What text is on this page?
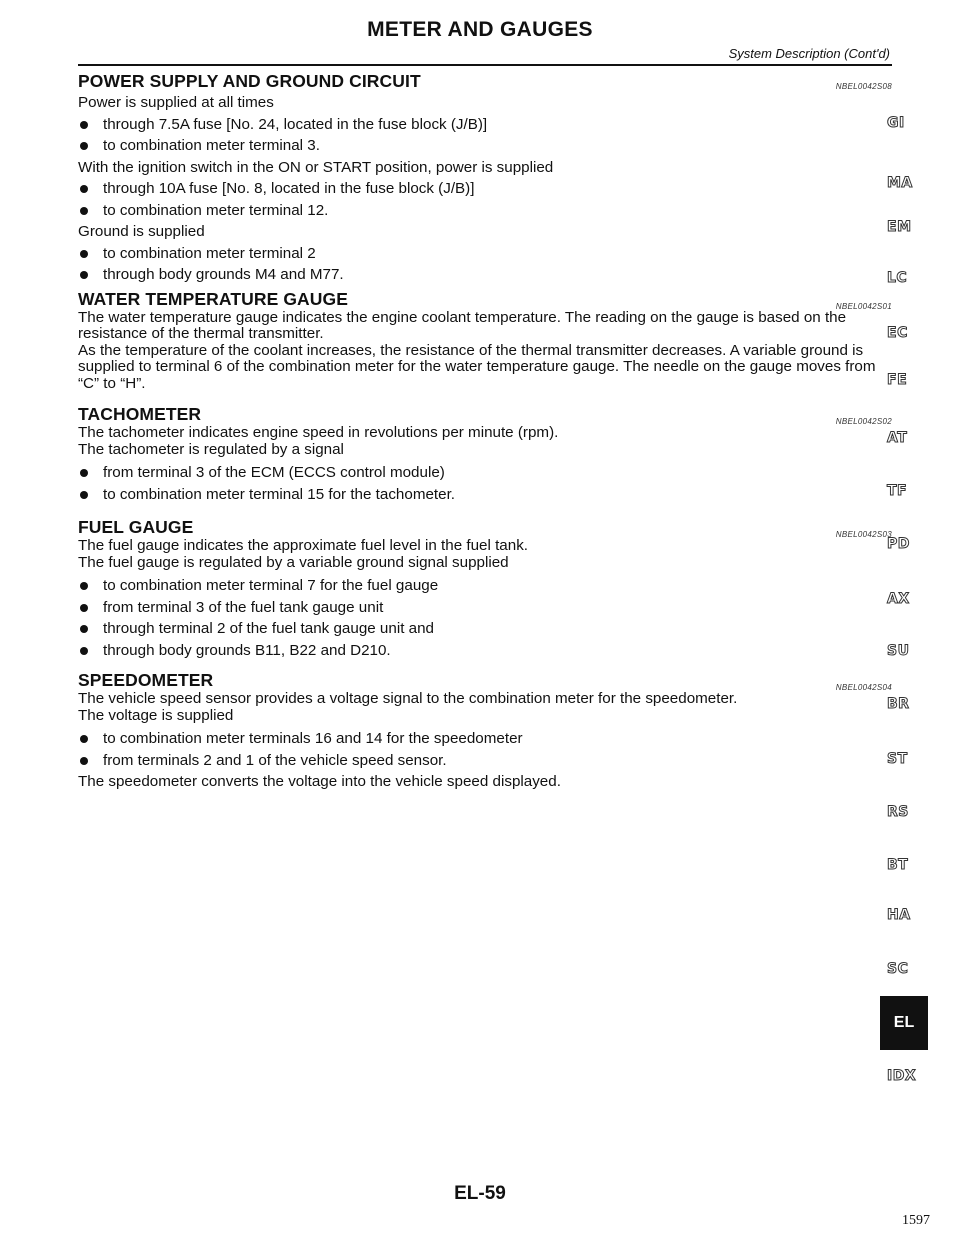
METER AND GAUGES
System Description (Cont'd)
NBEL0042S08
POWER SUPPLY AND GROUND CIRCUIT
Power is supplied at all times
through 7.5A fuse [No. 24, located in the fuse block (J/B)]
to combination meter terminal 3.
With the ignition switch in the ON or START position, power is supplied
through 10A fuse [No. 8, located in the fuse block (J/B)]
to combination meter terminal 12.
Ground is supplied
to combination meter terminal 2
through body grounds M4 and M77.
NBEL0042S01
WATER TEMPERATURE GAUGE

The water temperature gauge indicates the engine coolant temperature. The reading on the gauge is based on the resistance of the thermal transmitter.

As the temperature of the coolant increases, the resistance of the thermal transmitter decreases. A variable ground is supplied to terminal 6 of the combination meter for the water temperature gauge. The needle on the gauge moves from “C” to “H”.

NBEL0042S02
TACHOMETER
The tachometer indicates engine speed in revolutions per minute (rpm).
The tachometer is regulated by a signal
from terminal 3 of the ECM (ECCS control module)
to combination meter terminal 15 for the tachometer.
NBEL0042S03
FUEL GAUGE
The fuel gauge indicates the approximate fuel level in the fuel tank.
The fuel gauge is regulated by a variable ground signal supplied
to combination meter terminal 7 for the fuel gauge
from terminal 3 of the fuel tank gauge unit
through terminal 2 of the fuel tank gauge unit and
through body grounds B11, B22 and D210.
NBEL0042S04
SPEEDOMETER
The vehicle speed sensor provides a voltage signal to the combination meter for the speedometer.
The voltage is supplied
to combination meter terminals 16 and 14 for the speedometer
from terminals 2 and 1 of the vehicle speed sensor.
The speedometer converts the voltage into the vehicle speed displayed.
GI
MA
EM
LC
EC
FE
AT
TF
PD
AX
SU
BR
ST
RS
BT
HA
SC
EL
IDX
EL-59
1597
